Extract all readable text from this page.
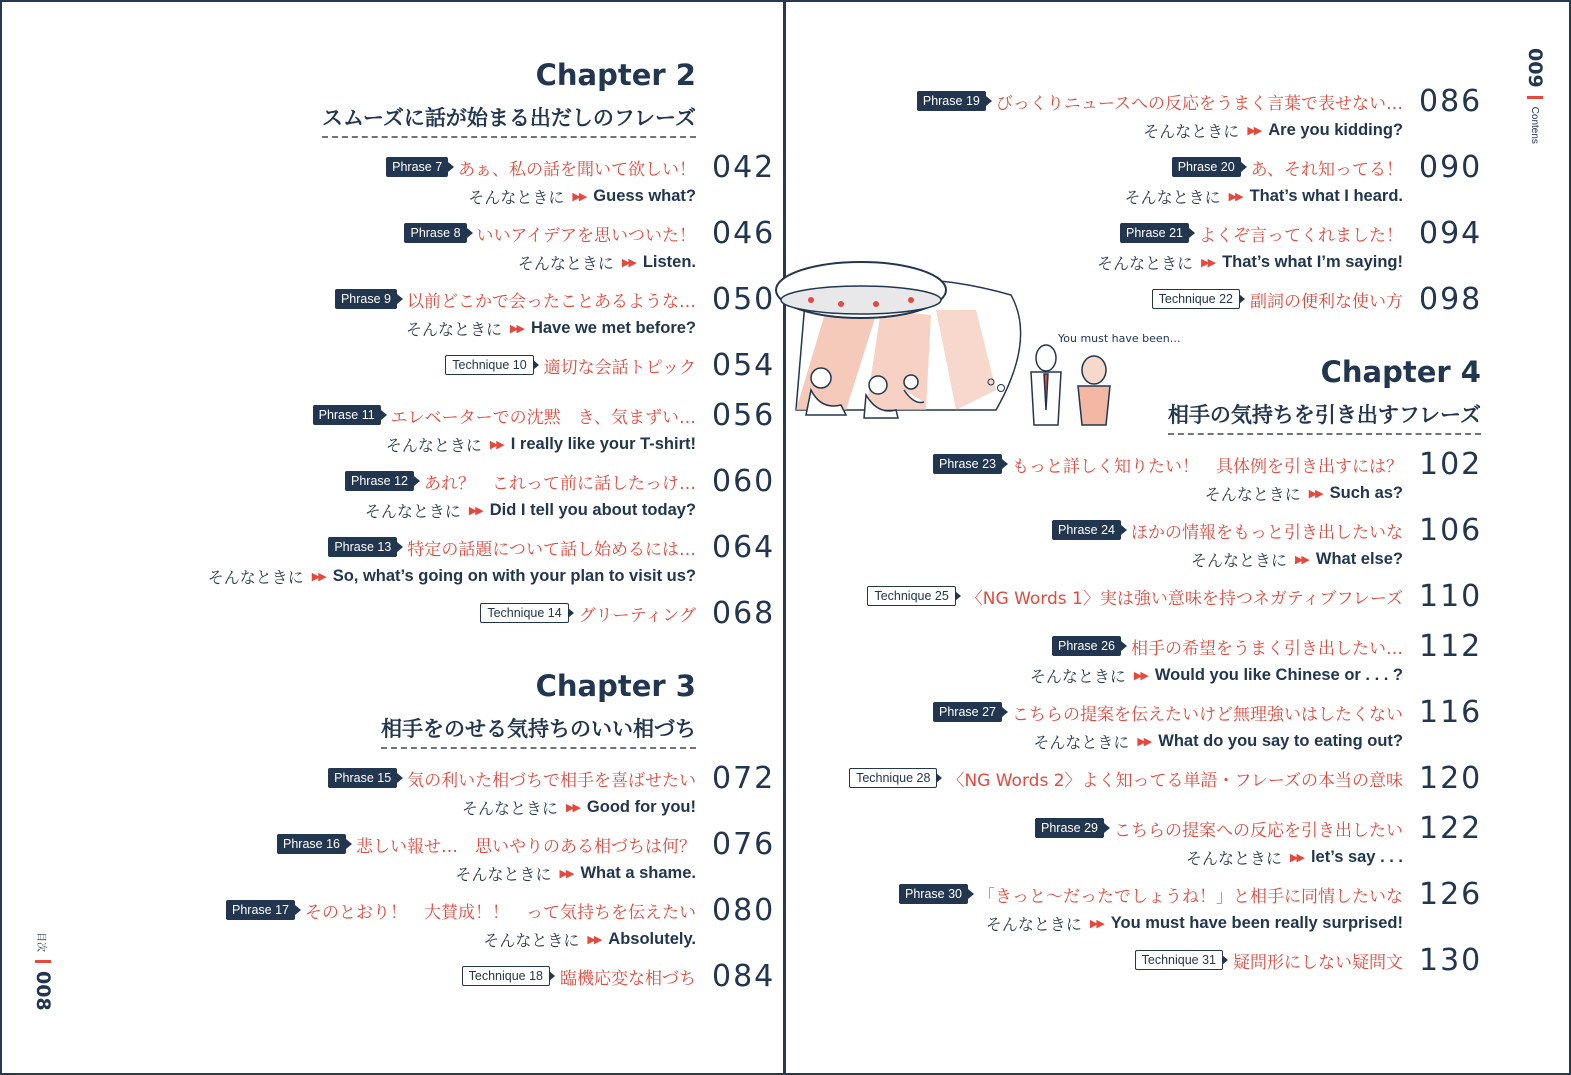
Chapter 2
スムーズに話が始まる出だしのフレーズ
Phrase 7 あぁ、私の話を聞いて欲しい！ 042
そんなときに ▶▶ Guess what?
Phrase 8 いいアイデアを思いついた！ 046
そんなときに ▶▶ Listen.
Phrase 9 以前どこかで会ったことあるような… 050
そんなときに ▶▶ Have we met before?
Technique 10	適切な会話トピック 054
Phrase 11 エレベーターでの沈黙　き、気まずい… 056
そんなときに ▶▶ I really like your T-shirt!
Phrase 12 あれ？　これって前に話したっけ… 060
そんなときに ▶▶ Did I tell you about today?
Phrase 13 特定の話題について話し始めるには… 064
そんなときに ▶▶ So, what’s going on with your plan to visit us?
Technique 14	グリーティング 068
Chapter 3
相手をのせる気持ちのいい相づち
Phrase 15 気の利いた相づちで相手を喜ばせたい 072
そんなときに ▶▶ Good for you!
Phrase 16 悲しい報せ…　思いやりのある相づちは何？ 076
そんなときに ▶▶ What a shame.
Phrase 17 そのとおり！　大賛成！！　って気持ちを伝えたい 080
そんなときに ▶▶ Absolutely.
Technique 18	臨機応変な相づち 084
目次
008
Phrase 19 びっくりニュースへの反応をうまく言葉で表せない… 086
そんなときに ▶▶ Are you kidding?
Phrase 20 あ、それ知ってる！ 090
そんなときに ▶▶ That’s what I heard.
Phrase 21 よくぞ言ってくれました！ 094
そんなときに ▶▶ That’s what I’m saying!
Technique 22	副詞の便利な使い方 098
You must have been…
Chapter 4
相手の気持ちを引き出すフレーズ
Phrase 23 もっと詳しく知りたい！　具体例を引き出すには？ 102
そんなときに ▶▶ Such as?
Phrase 24 ほかの情報をもっと引き出したいな 106
そんなときに ▶▶ What else?
Technique 25	〈NG Words 1〉実は強い意味を持つネガティブフレーズ 110
Phrase 26 相手の希望をうまく引き出したい… 112
そんなときに ▶▶ Would you like Chinese or . . . ?
Phrase 27 こちらの提案を伝えたいけど無理強いはしたくない 116
そんなときに ▶▶ What do you say to eating out?
Technique 28	〈NG Words 2〉よく知ってる単語・フレーズの本当の意味 120
Phrase 29 こちらの提案への反応を引き出したい 122
そんなときに ▶▶ let’s say . . .
Phrase 30 「きっと～だったでしょうね！」と相手に同情したいな 126
そんなときに ▶▶ You must have been really surprised!
Technique 31	疑問形にしない疑問文 130
009
Contens
